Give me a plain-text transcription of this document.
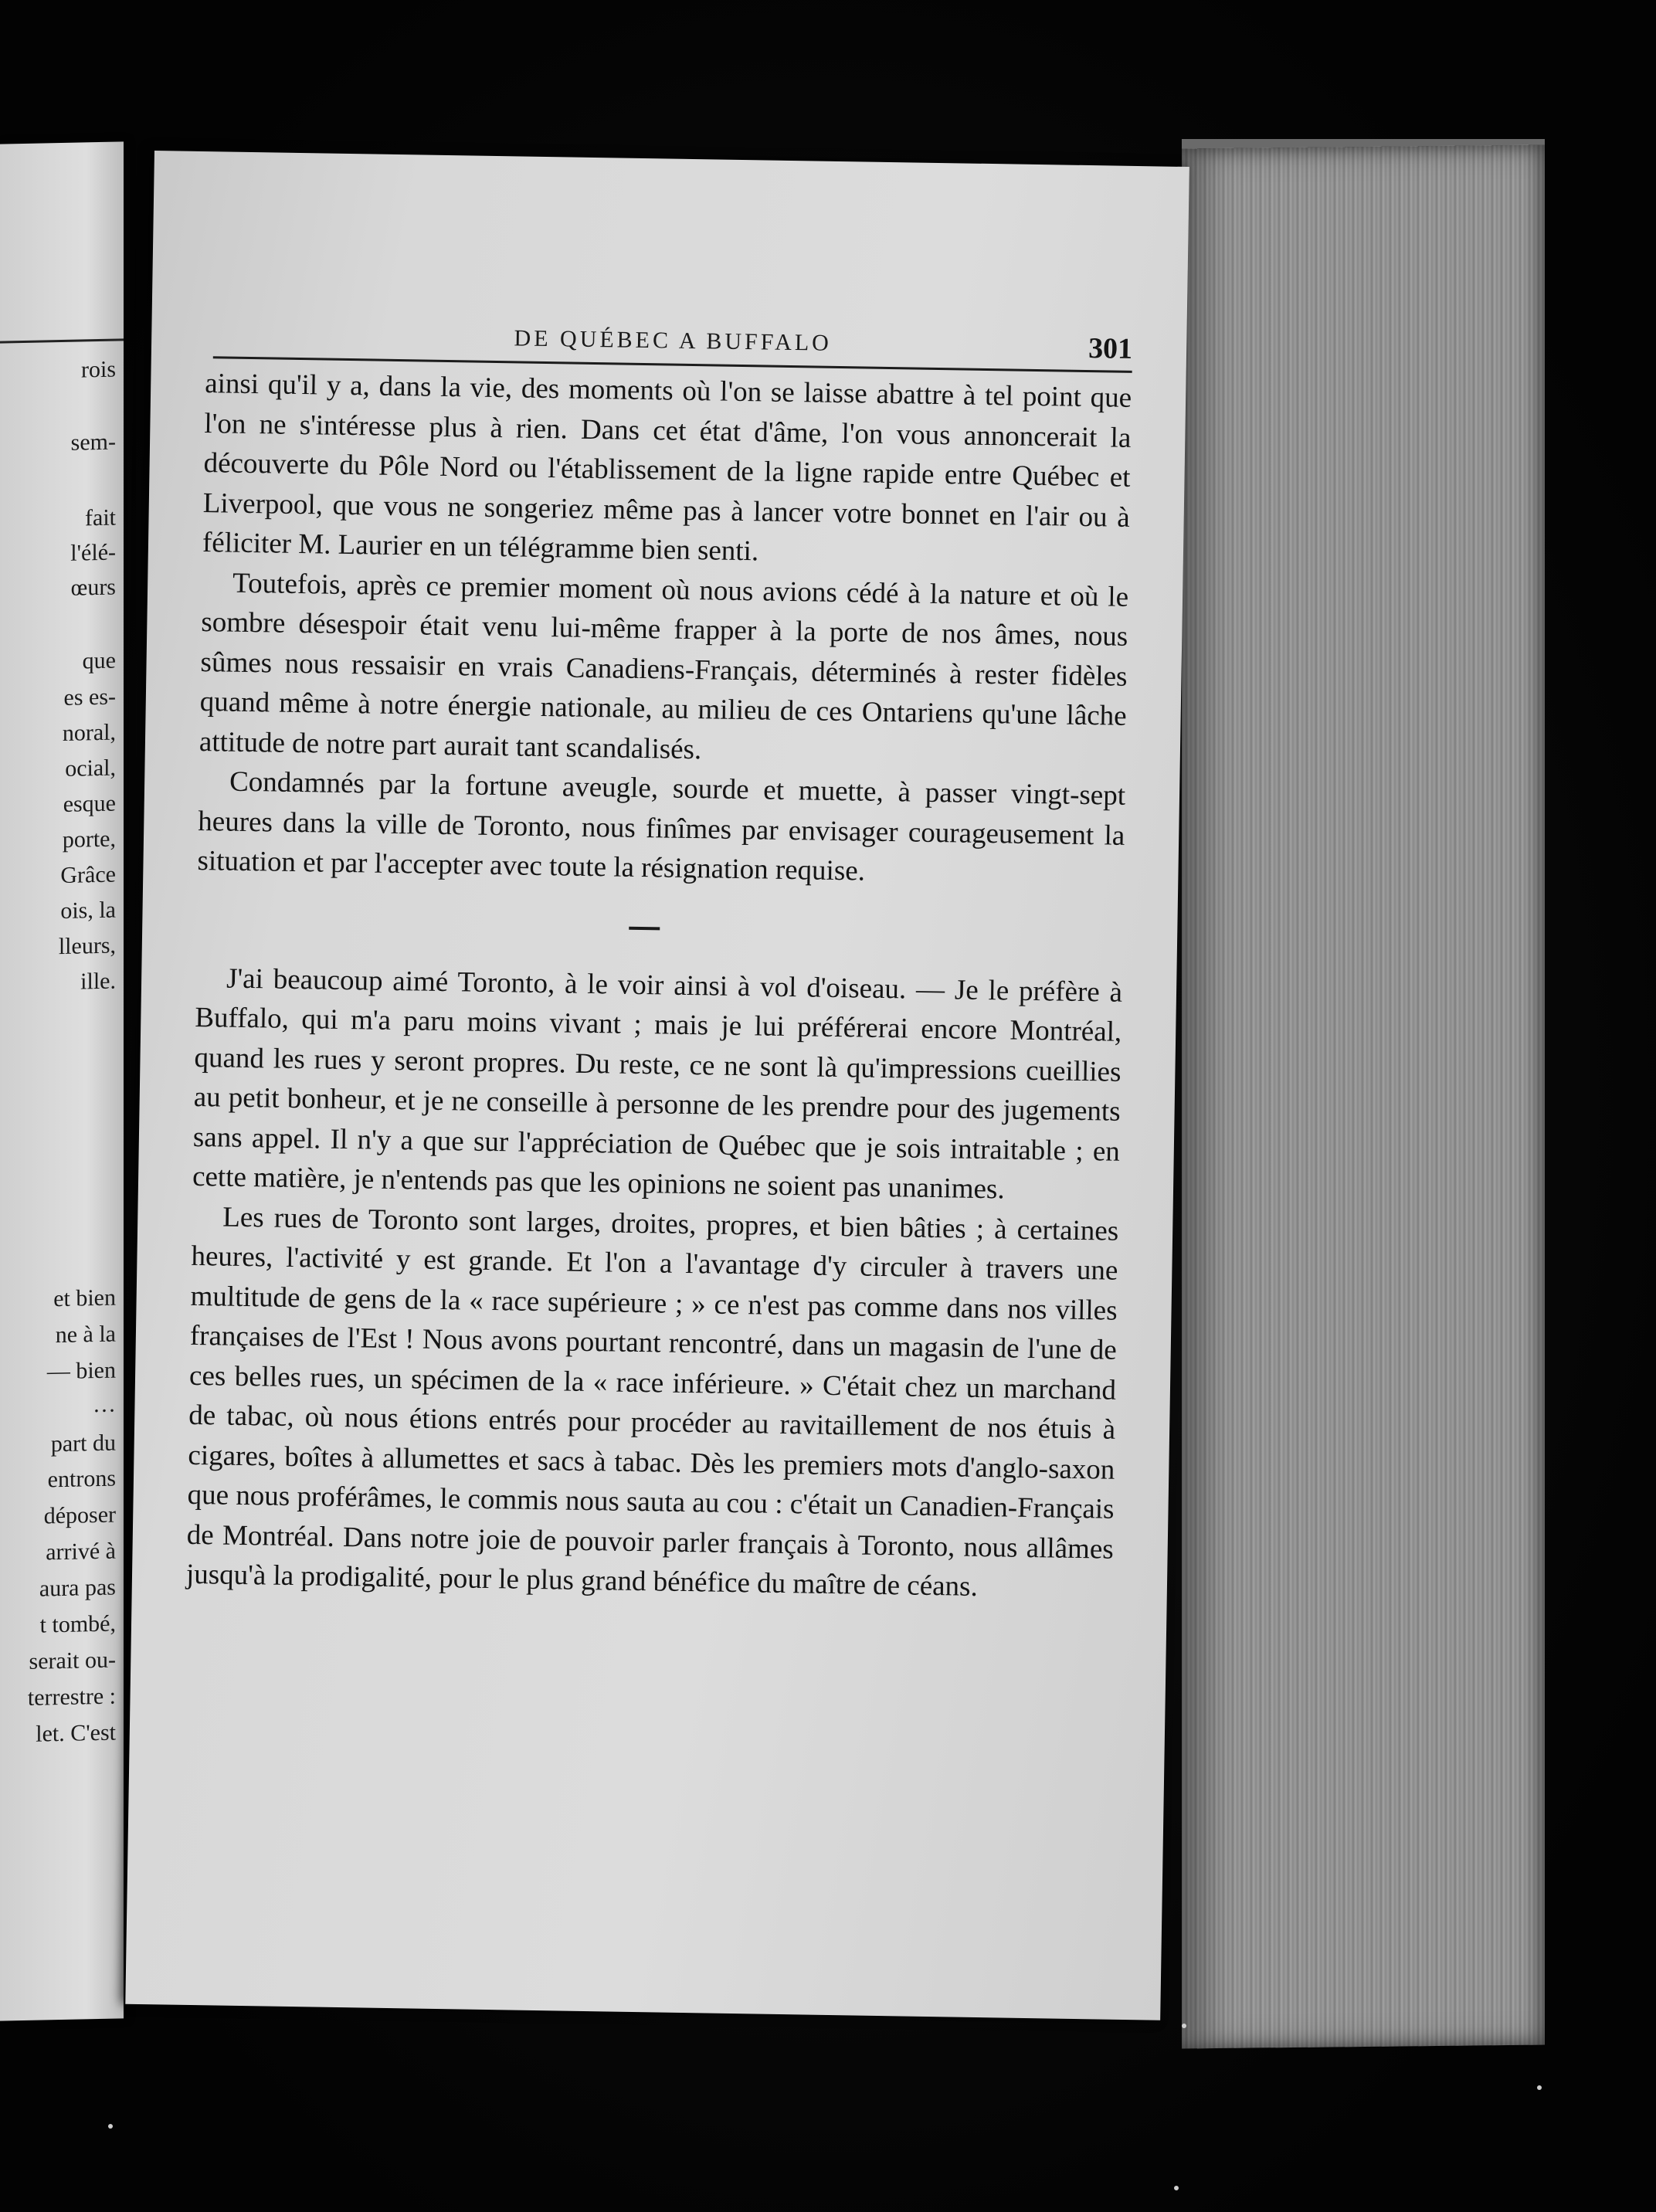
rois
sem-
fait
l'élé-
œurs
que
es es-
noral,
ocial,
esque
porte,
Grâce
ois, la
lleurs,
ille.
et bien
ne à la
— bien
…
part du
entrons
déposer
arrivé à
aura pas
t tombé,
serait ou-
terrestre :
let. C'est
DE QUÉBEC A BUFFALO	301

ainsi qu'il y a, dans la vie, des moments où l'on se laisse abattre à tel point que l'on ne s'intéresse plus à rien. Dans cet état d'âme, l'on vous annoncerait la découverte du Pôle Nord ou l'établissement de la ligne rapide entre Québec et Liverpool, que vous ne songeriez même pas à lancer votre bonnet en l'air ou à féliciter M. Laurier en un télégramme bien senti.

Toutefois, après ce premier moment où nous avions cédé à la nature et où le sombre désespoir était venu lui-même frapper à la porte de nos âmes, nous sûmes nous ressaisir en vrais Canadiens-Français, déterminés à rester fidèles quand même à notre énergie nationale, au milieu de ces Ontariens qu'une lâche attitude de notre part aurait tant scandalisés.

Condamnés par la fortune aveugle, sourde et muette, à passer vingt-sept heures dans la ville de Toronto, nous finîmes par envisager courageusement la situation et par l'accepter avec toute la résignation requise.

J'ai beaucoup aimé Toronto, à le voir ainsi à vol d'oiseau. — Je le préfère à Buffalo, qui m'a paru moins vivant ; mais je lui préférerai encore Montréal, quand les rues y seront propres. Du reste, ce ne sont là qu'impressions cueillies au petit bonheur, et je ne conseille à personne de les prendre pour des jugements sans appel. Il n'y a que sur l'appréciation de Québec que je sois intraitable ; en cette matière, je n'entends pas que les opinions ne soient pas unanimes.

Les rues de Toronto sont larges, droites, propres, et bien bâties ; à certaines heures, l'activité y est grande. Et l'on a l'avantage d'y circuler à travers une multitude de gens de la « race supérieure ; » ce n'est pas comme dans nos villes françaises de l'Est ! Nous avons pourtant rencontré, dans un magasin de l'une de ces belles rues, un spécimen de la « race inférieure. » C'était chez un marchand de tabac, où nous étions entrés pour procéder au ravitaillement de nos étuis à cigares, boîtes à allumettes et sacs à tabac. Dès les premiers mots d'anglo-saxon que nous proférâmes, le commis nous sauta au cou : c'était un Canadien-Français de Montréal. Dans notre joie de pouvoir parler français à Toronto, nous allâmes jusqu'à la prodigalité, pour le plus grand bénéfice du maître de céans.
